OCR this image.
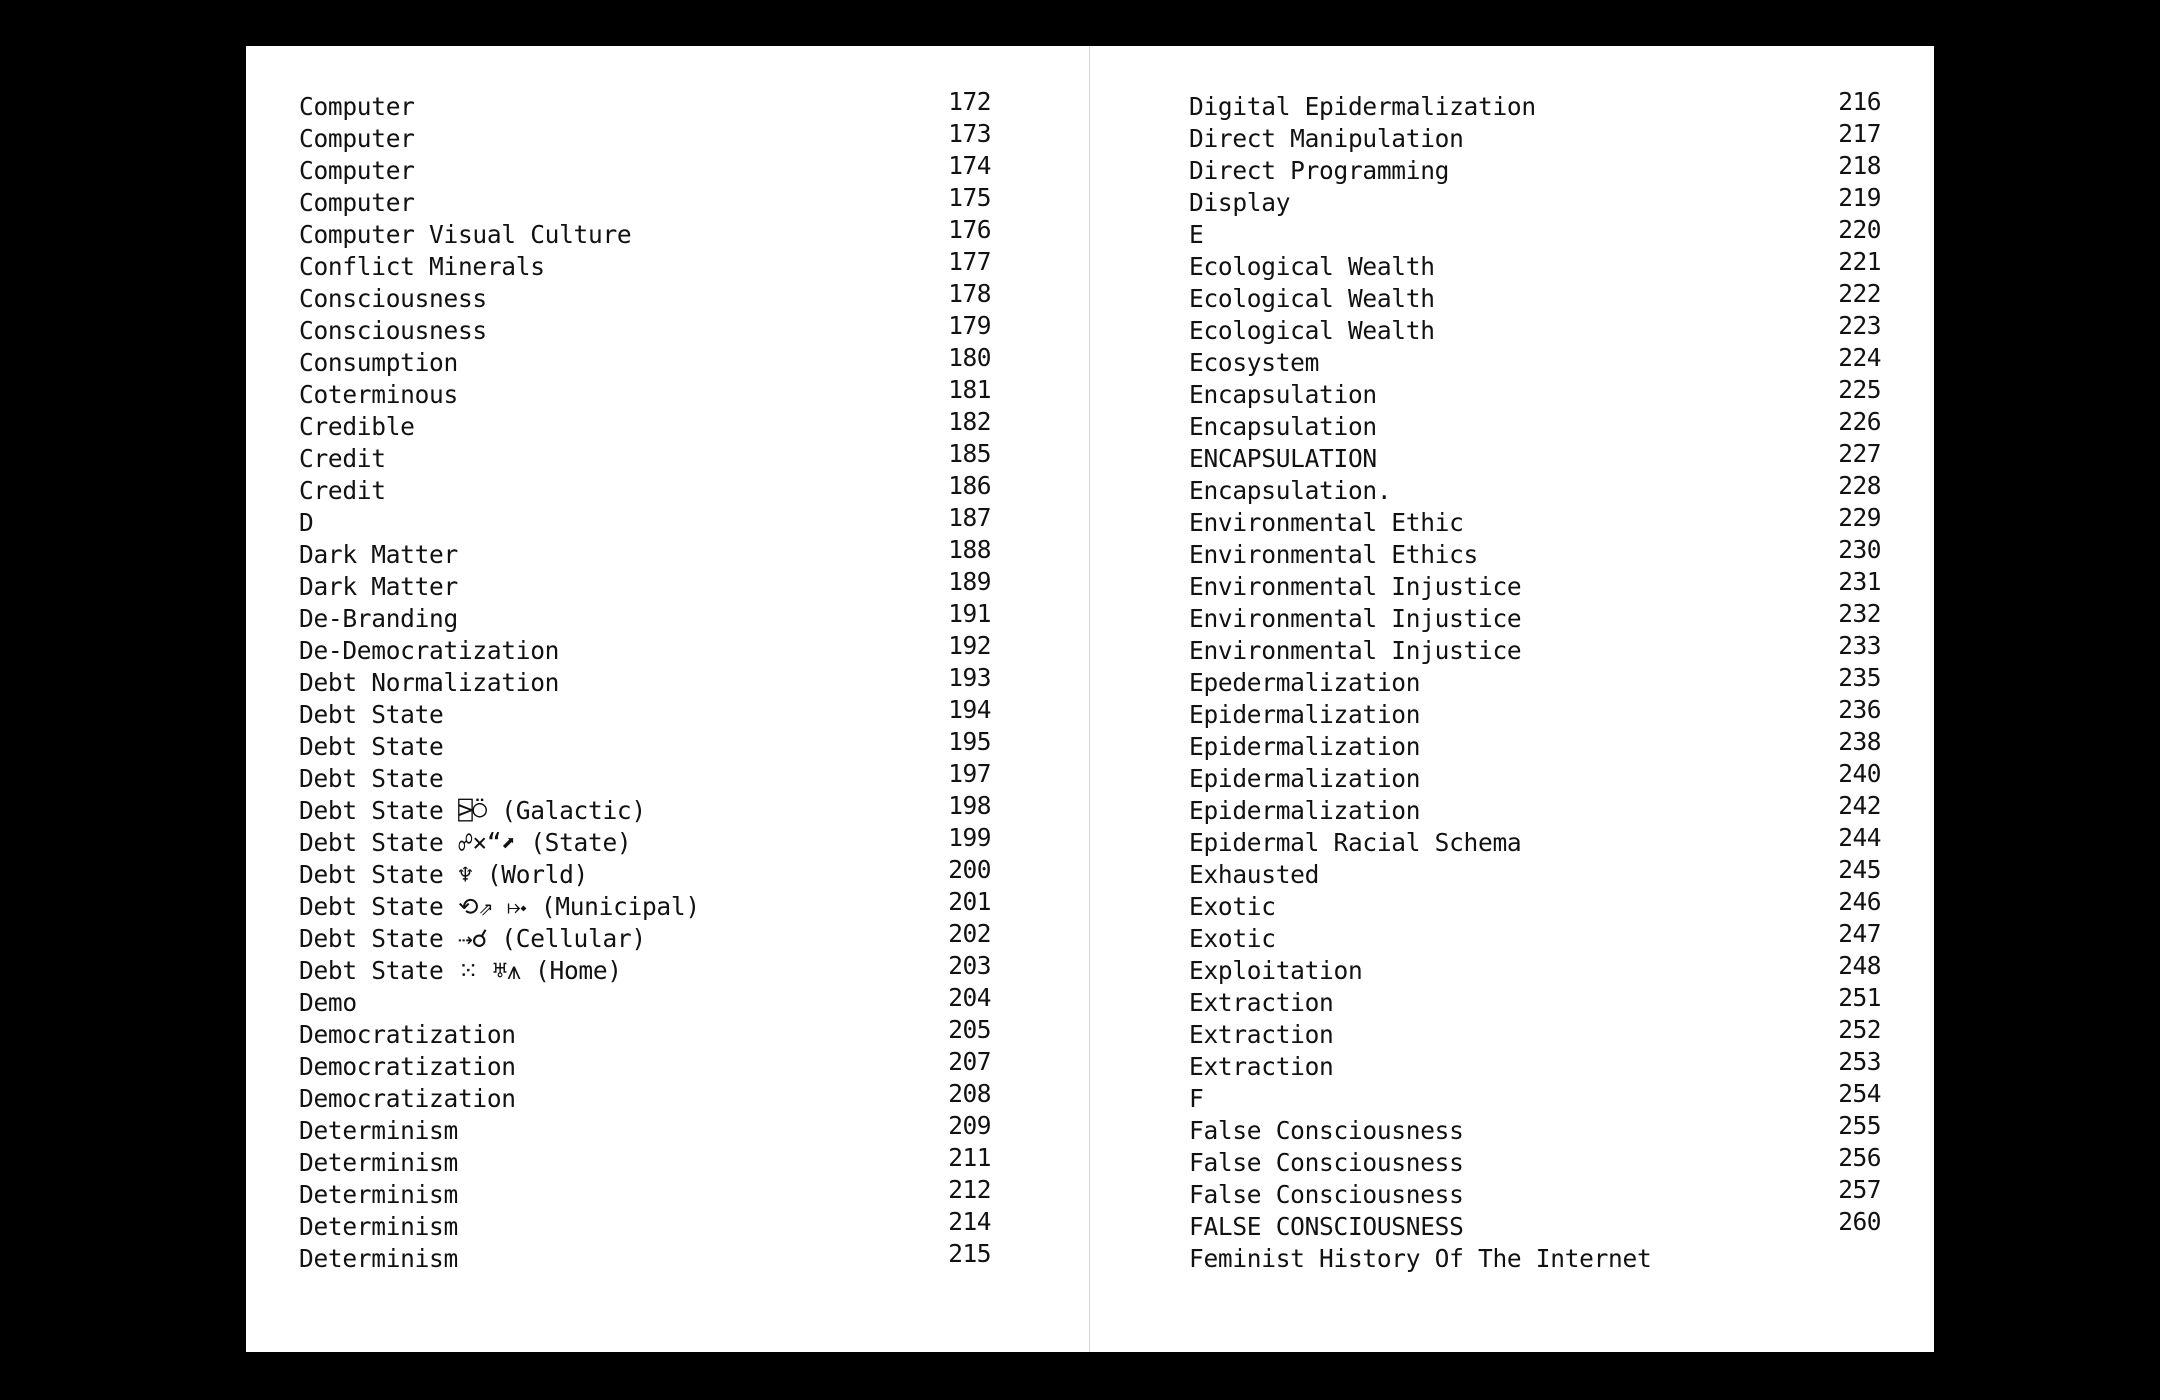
Computer	172
Computer	173
Computer	174
Computer	175
Computer Visual Culture	176
Conflict Minerals	177
Consciousness	178
Consciousness	179
Consumption	180
Coterminous	181
Credible	182
Credit	185
Credit	186
D	187
Dark Matter	188
Dark Matter	189
De-Branding	191
De-Democratization	192
Debt Normalization	193
Debt State	194
Debt State	195
Debt State	197
Debt State ⍄⍥ (Galactic)	198
Debt State ☍×“⬈ (State)	199
Debt State ♆ (World)	200
Debt State ⟲⇗ ⤠ (Municipal)	201
Debt State ⇢☌ (Cellular)	202
Debt State ⁙ ♅⩚ (Home)	203
Demo	204
Democratization	205
Democratization	207
Democratization	208
Determinism	209
Determinism	211
Determinism	212
Determinism	214
Determinism	215
Digital Epidermalization	216
Direct Manipulation	217
Direct Programming	218
Display	219
E	220
Ecological Wealth	221
Ecological Wealth	222
Ecological Wealth	223
Ecosystem	224
Encapsulation	225
Encapsulation	226
ENCAPSULATION	227
Encapsulation.	228
Environmental Ethic	229
Environmental Ethics	230
Environmental Injustice	231
Environmental Injustice	232
Environmental Injustice	233
Epedermalization	235
Epidermalization	236
Epidermalization	238
Epidermalization	240
Epidermalization	242
Epidermal Racial Schema	244
Exhausted	245
Exotic	246
Exotic	247
Exploitation	248
Extraction	251
Extraction	252
Extraction	253
F	254
False Consciousness	255
False Consciousness	256
False Consciousness	257
FALSE CONSCIOUSNESS	260
Feminist History Of The Internet
